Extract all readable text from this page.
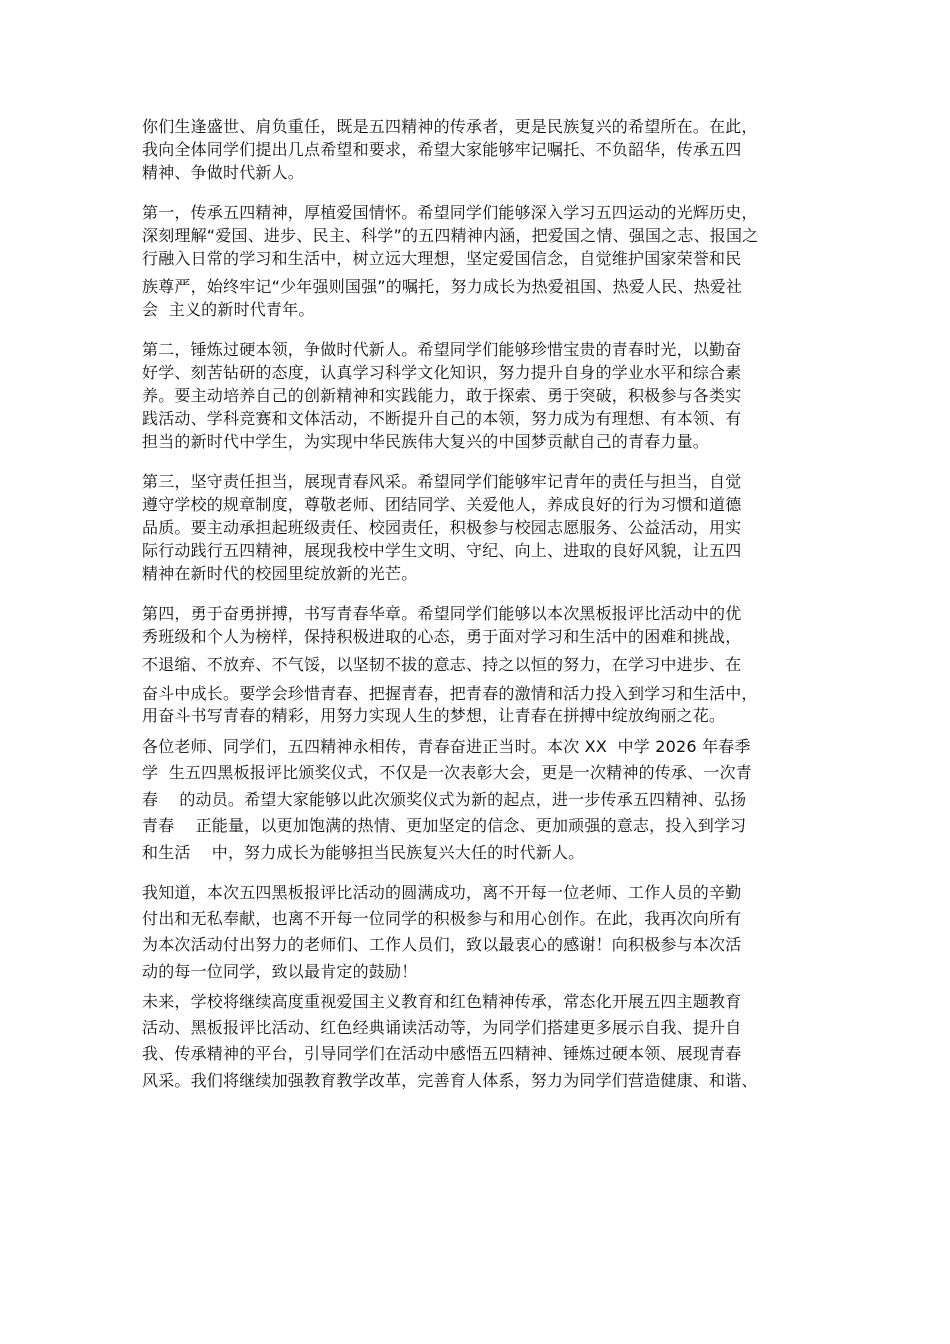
你们生逢盛世、肩负重任，既是五四精神的传承者，更是民族复兴的希望所在。在此，
我向全体同学们提出几点希望和要求，希望大家能够牢记嘱托、不负韶华，传承五四
精神、争做时代新人。
第一，传承五四精神，厚植爱国情怀。希望同学们能够深入学习五四运动的光辉历史，
深刻理解“爱国、进步、民主、科学”的五四精神内涵，把爱国之情、强国之志、报国之
行融入日常的学习和生活中，树立远大理想，坚定爱国信念，自觉维护国家荣誉和民
族尊严，始终牢记“少年强则国强”的嘱托，努力成长为热爱祖国、热爱人民、热爱社
会  主义的新时代青年。
第二，锤炼过硬本领，争做时代新人。希望同学们能够珍惜宝贵的青春时光，以勤奋
好学、刻苦钻研的态度，认真学习科学文化知识，努力提升自身的学业水平和综合素
养。要主动培养自己的创新精神和实践能力，敢于探索、勇于突破，积极参与各类实
践活动、学科竞赛和文体活动，不断提升自己的本领，努力成为有理想、有本领、有
担当的新时代中学生，为实现中华民族伟大复兴的中国梦贡献自己的青春力量。
第三，坚守责任担当，展现青春风采。希望同学们能够牢记青年的责任与担当，自觉
遵守学校的规章制度，尊敬老师、团结同学、关爱他人，养成良好的行为习惯和道德
品质。要主动承担起班级责任、校园责任，积极参与校园志愿服务、公益活动，用实
际行动践行五四精神，展现我校中学生文明、守纪、向上、进取的良好风貌，让五四
精神在新时代的校园里绽放新的光芒。
第四，勇于奋勇拼搏，书写青春华章。希望同学们能够以本次黑板报评比活动中的优
秀班级和个人为榜样，保持积极进取的心态，勇于面对学习和生活中的困难和挑战，
不退缩、不放弃、不气馁，以坚韧不拔的意志、持之以恒的努力，在学习中进步、在
奋斗中成长。要学会珍惜青春、把握青春，把青春的激情和活力投入到学习和生活中，
用奋斗书写青春的精彩，用努力实现人生的梦想，让青春在拼搏中绽放绚丽之花。
各位老师、同学们，五四精神永相传，青春奋进正当时。本次 XX  中学 2026 年春季
学  生五四黑板报评比颁奖仪式，不仅是一次表彰大会，更是一次精神的传承、一次青
春    的动员。希望大家能够以此次颁奖仪式为新的起点，进一步传承五四精神、弘扬
青春    正能量，以更加饱满的热情、更加坚定的信念、更加顽强的意志，投入到学习
和生活    中，努力成长为能够担当民族复兴大任的时代新人。
我知道，本次五四黑板报评比活动的圆满成功，离不开每一位老师、工作人员的辛勤
付出和无私奉献，也离不开每一位同学的积极参与和用心创作。在此，我再次向所有
为本次活动付出努力的老师们、工作人员们，致以最衷心的感谢！向积极参与本次活
动的每一位同学，致以最肯定的鼓励！
未来，学校将继续高度重视爱国主义教育和红色精神传承，常态化开展五四主题教育
活动、黑板报评比活动、红色经典诵读活动等，为同学们搭建更多展示自我、提升自
我、传承精神的平台，引导同学们在活动中感悟五四精神、锤炼过硬本领、展现青春
风采。我们将继续加强教育教学改革，完善育人体系，努力为同学们营造健康、和谐、
